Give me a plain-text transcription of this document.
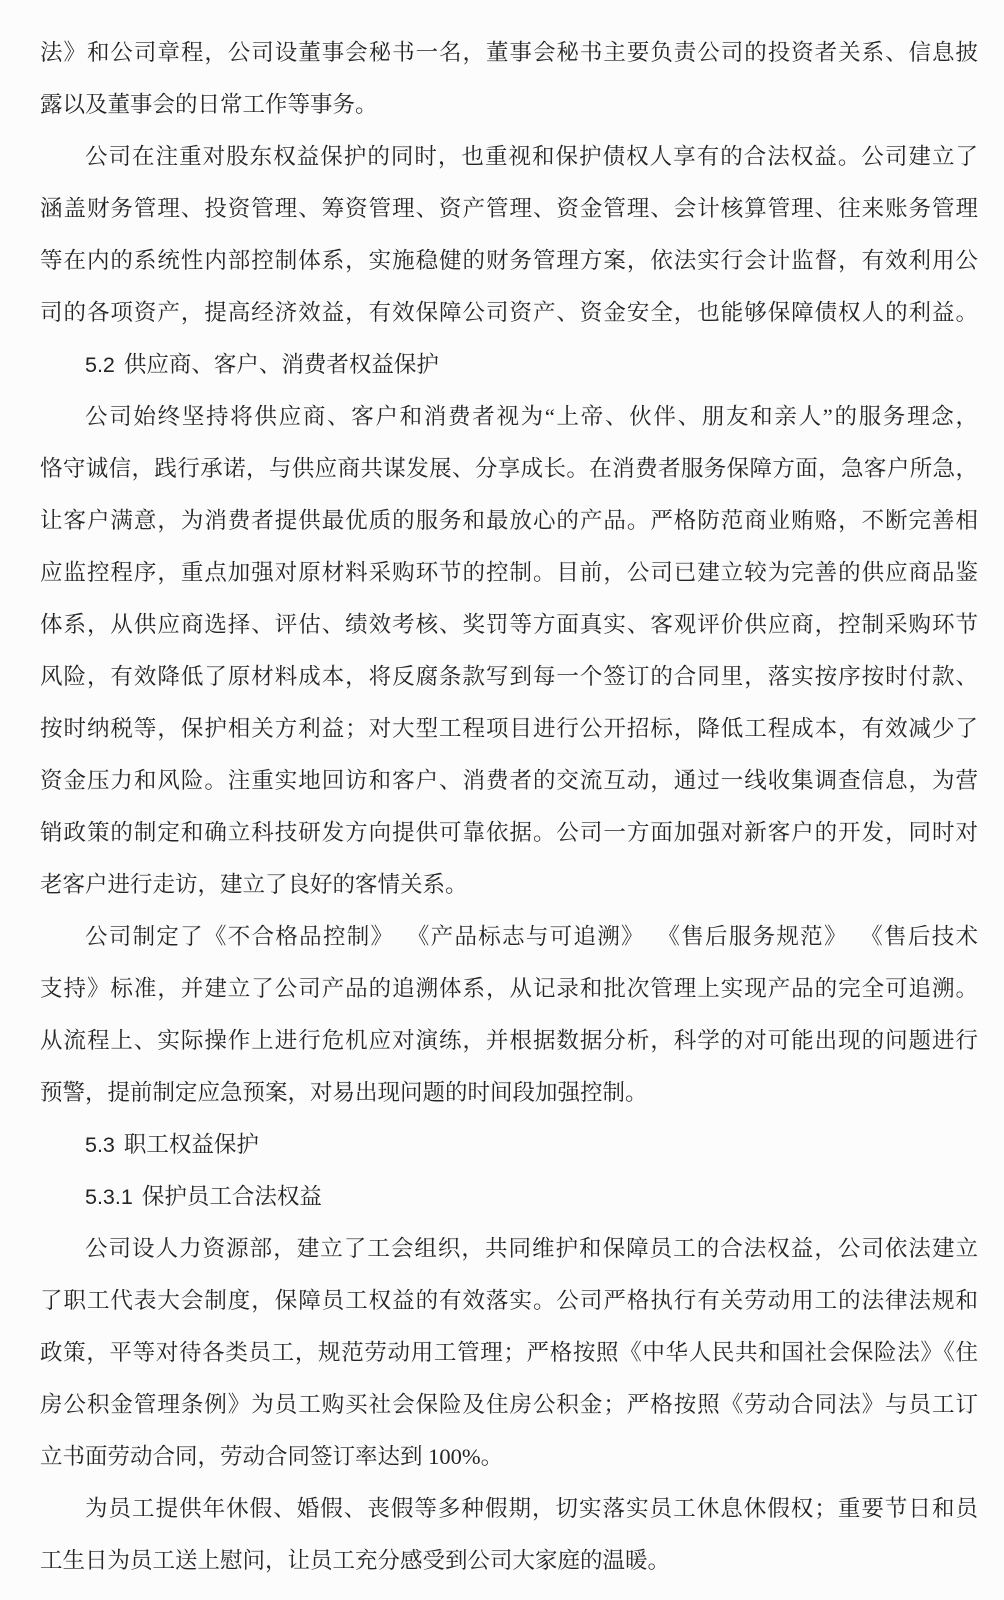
法》和公司章程，公司设董事会秘书一名，董事会秘书主要负责公司的投资者关系、信息披
露以及董事会的日常工作等事务。
公司在注重对股东权益保护的同时，也重视和保护债权人享有的合法权益。公司建立了
涵盖财务管理、投资管理、筹资管理、资产管理、资金管理、会计核算管理、往来账务管理
等在内的系统性内部控制体系，实施稳健的财务管理方案，依法实行会计监督，有效利用公
司的各项资产，提高经济效益，有效保障公司资产、资金安全，也能够保障债权人的利益。
5.2 供应商、客户、消费者权益保护
公司始终坚持将供应商、客户和消费者视为“上帝、伙伴、朋友和亲人”的服务理念，
恪守诚信，践行承诺，与供应商共谋发展、分享成长。在消费者服务保障方面，急客户所急，
让客户满意，为消费者提供最优质的服务和最放心的产品。严格防范商业贿赂，不断完善相
应监控程序，重点加强对原材料采购环节的控制。目前，公司已建立较为完善的供应商品鉴
体系，从供应商选择、评估、绩效考核、奖罚等方面真实、客观评价供应商，控制采购环节
风险，有效降低了原材料成本，将反腐条款写到每一个签订的合同里，落实按序按时付款、
按时纳税等，保护相关方利益；对大型工程项目进行公开招标，降低工程成本，有效减少了
资金压力和风险。注重实地回访和客户、消费者的交流互动，通过一线收集调查信息，为营
销政策的制定和确立科技研发方向提供可靠依据。公司一方面加强对新客户的开发，同时对
老客户进行走访，建立了良好的客情关系。
公司制定了《不合格品控制》 《产品标志与可追溯》 《售后服务规范》 《售后技术
支持》标准，并建立了公司产品的追溯体系，从记录和批次管理上实现产品的完全可追溯。
从流程上、实际操作上进行危机应对演练，并根据数据分析，科学的对可能出现的问题进行
预警，提前制定应急预案，对易出现问题的时间段加强控制。
5.3 职工权益保护
5.3.1 保护员工合法权益
公司设人力资源部，建立了工会组织，共同维护和保障员工的合法权益，公司依法建立
了职工代表大会制度，保障员工权益的有效落实。公司严格执行有关劳动用工的法律法规和
政策，平等对待各类员工，规范劳动用工管理；严格按照《中华人民共和国社会保险法》《住
房公积金管理条例》为员工购买社会保险及住房公积金；严格按照《劳动合同法》与员工订
立书面劳动合同，劳动合同签订率达到 100%。
为员工提供年休假、婚假、丧假等多种假期，切实落实员工休息休假权；重要节日和员
工生日为员工送上慰问，让员工充分感受到公司大家庭的温暖。
